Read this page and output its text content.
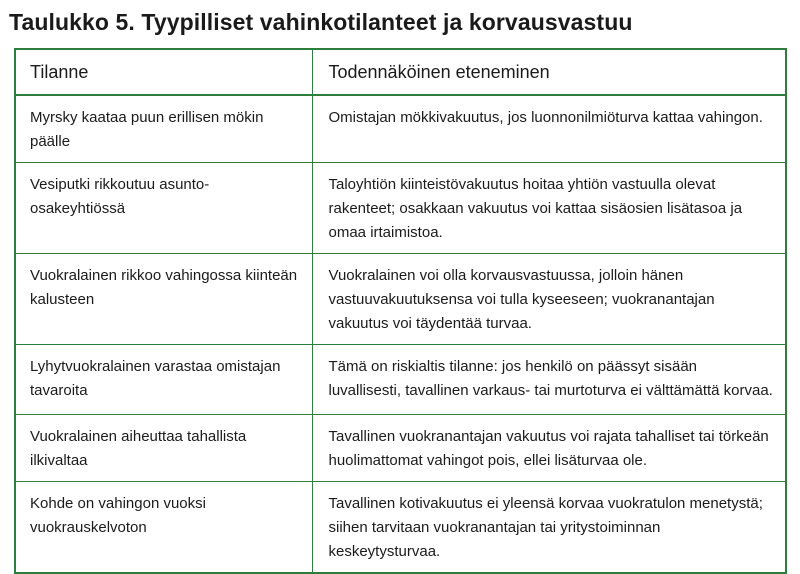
Taulukko 5. Tyypilliset vahinkotilanteet ja korvausvastuu
Tilanne	Todennäköinen eteneminen
Myrsky kaataa puun erillisen mökin päälle	Omistajan mökkivakuutus, jos luonnonilmiöturva kattaa vahingon.
Vesiputki rikkoutuu asunto-osakeyhtiössä	Taloyhtiön kiinteistövakuutus hoitaa yhtiön vastuulla olevat rakenteet; osakkaan vakuutus voi kattaa sisäosien lisätasoa ja omaa irtaimistoa.
Vuokralainen rikkoo vahingossa kiinteän kalusteen	Vuokralainen voi olla korvausvastuussa, jolloin hänen vastuuvakuutuksensa voi tulla kyseeseen; vuokranantajan vakuutus voi täydentää turvaa.
Lyhytvuokralainen varastaa omistajan tavaroita	Tämä on riskialtis tilanne: jos henkilö on päässyt sisään luvallisesti, tavallinen varkaus- tai murtoturva ei välttämättä korvaa.
Vuokralainen aiheuttaa tahallista ilkivaltaa	Tavallinen vuokranantajan vakuutus voi rajata tahalliset tai törkeän huolimattomat vahingot pois, ellei lisäturvaa ole.
Kohde on vahingon vuoksi vuokrauskelvoton	Tavallinen kotivakuutus ei yleensä korvaa vuokratulon menetystä; siihen tarvitaan vuokranantajan tai yritystoiminnan keskeytysturvaa.
